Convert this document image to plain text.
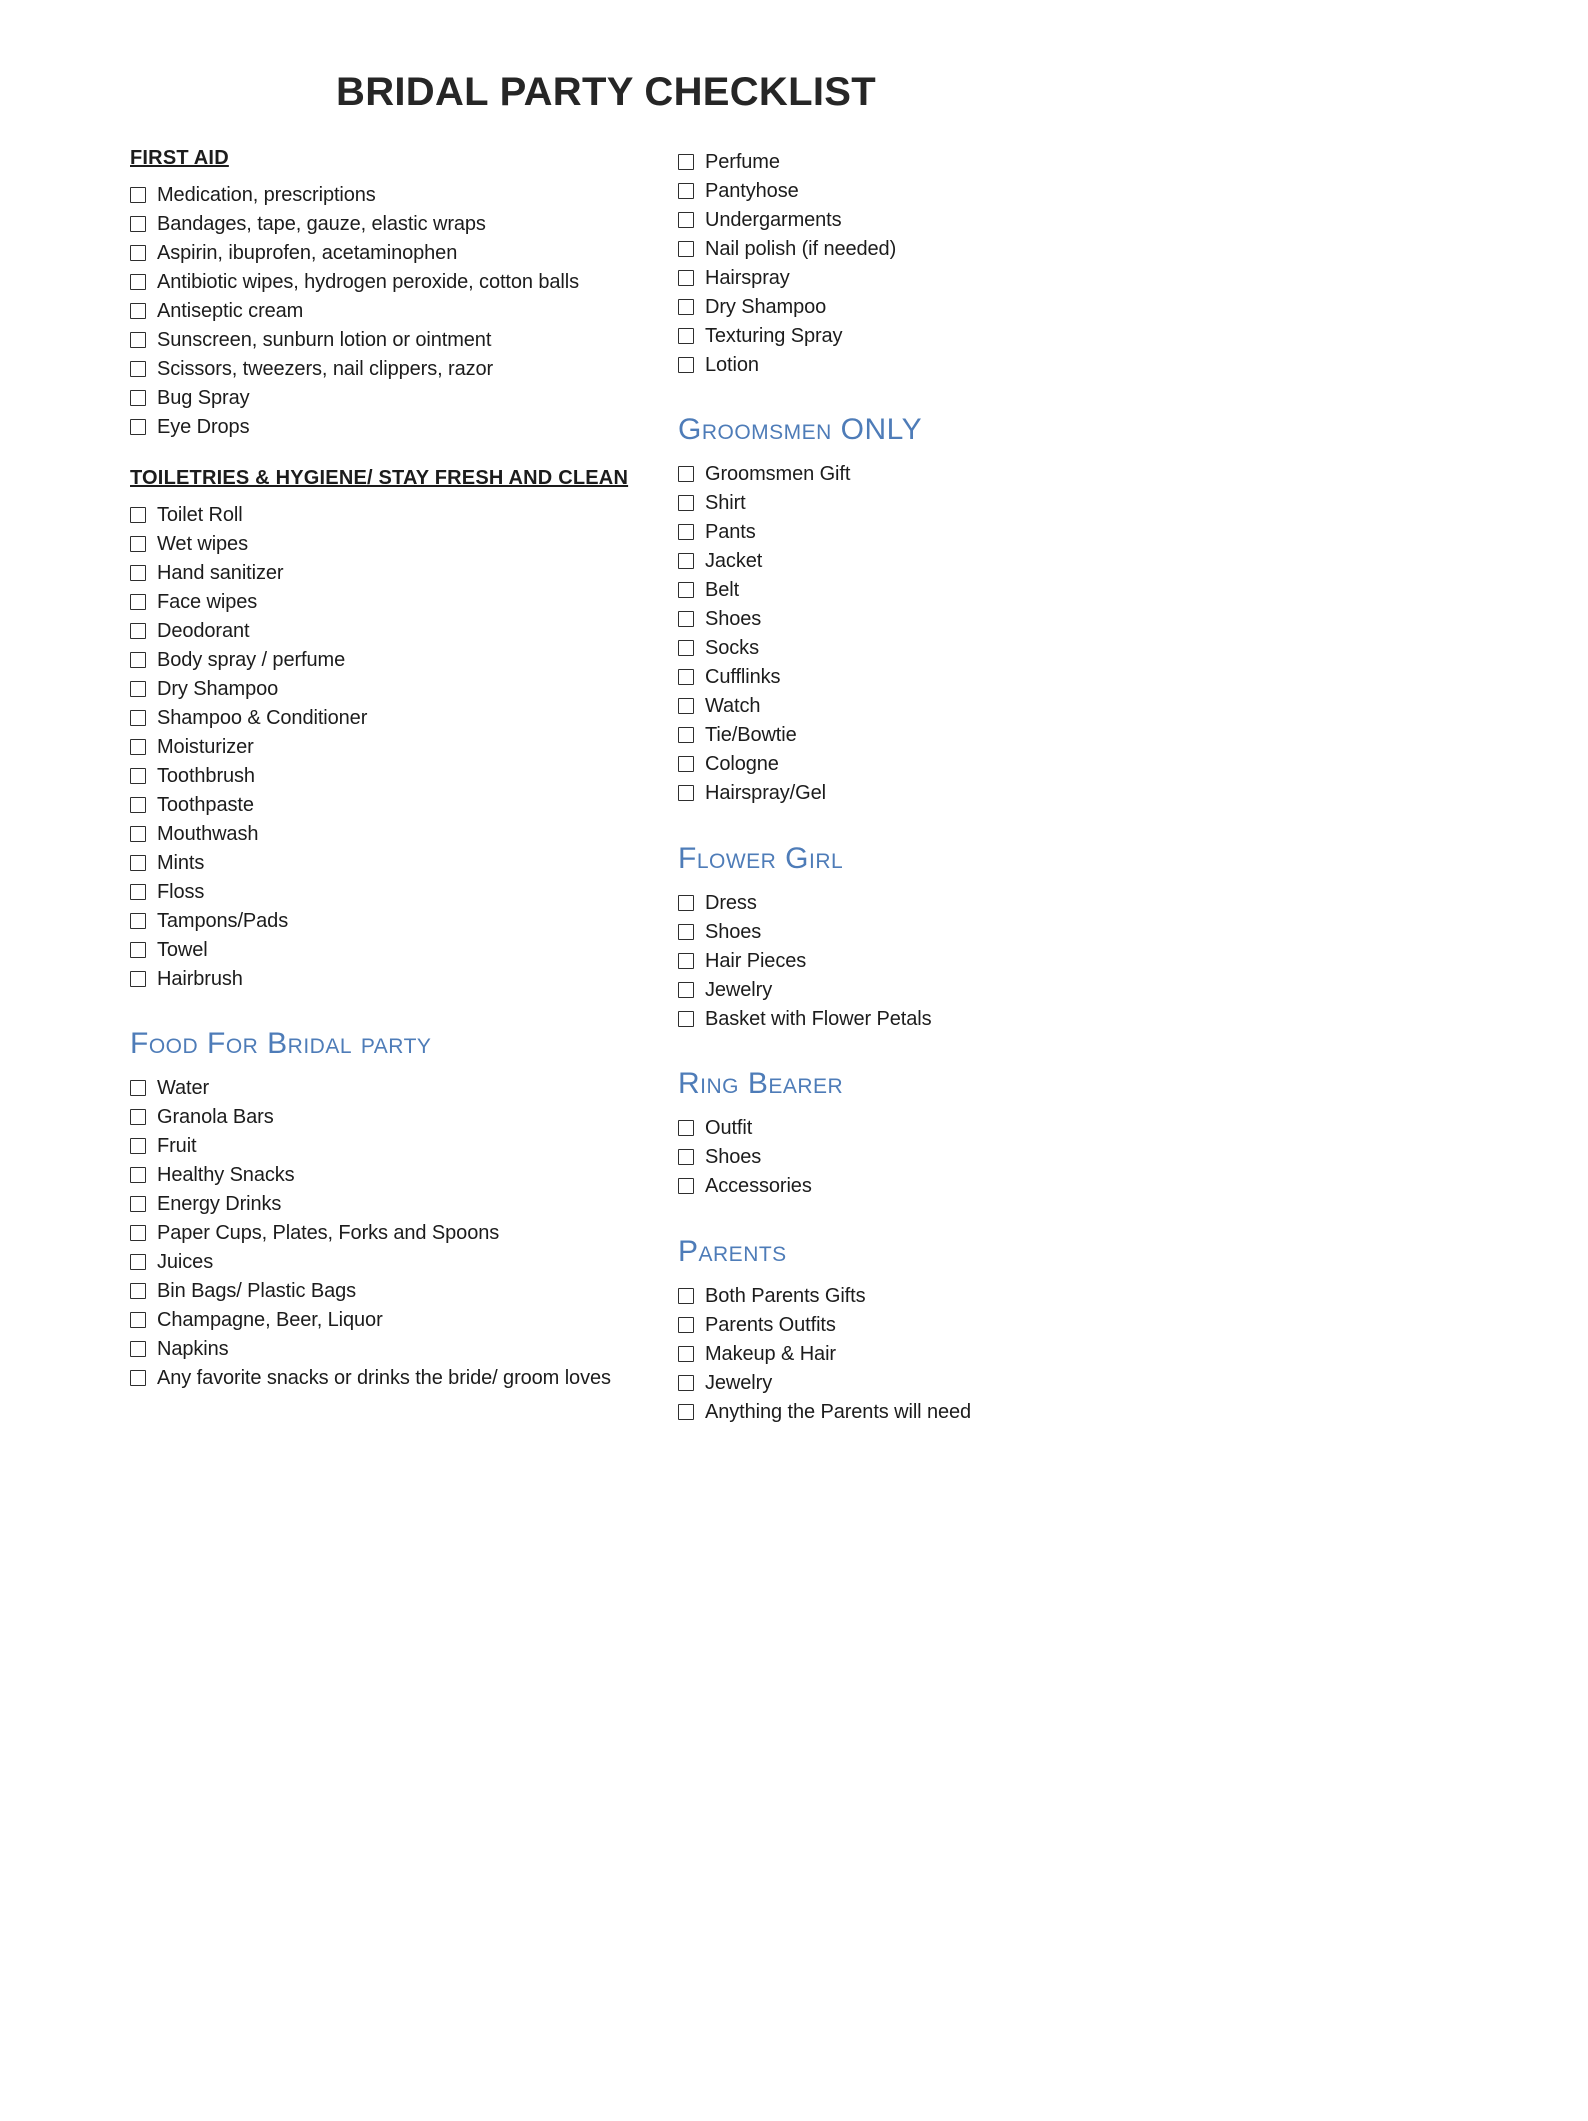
BRIDAL PARTY CHECKLIST
FIRST AID
Medication, prescriptions
Bandages, tape, gauze, elastic wraps
Aspirin, ibuprofen, acetaminophen
Antibiotic wipes, hydrogen peroxide, cotton balls
Antiseptic cream
Sunscreen, sunburn lotion or ointment
Scissors, tweezers, nail clippers, razor
Bug Spray
Eye Drops
TOILETRIES & HYGIENE/ STAY FRESH AND CLEAN
Toilet Roll
Wet wipes
Hand sanitizer
Face wipes
Deodorant
Body spray / perfume
Dry Shampoo
Shampoo & Conditioner
Moisturizer
Toothbrush
Toothpaste
Mouthwash
Mints
Floss
Tampons/Pads
Towel
Hairbrush
Food For Bridal party
Water
Granola Bars
Fruit
Healthy Snacks
Energy Drinks
Paper Cups, Plates, Forks and Spoons
Juices
Bin Bags/ Plastic Bags
Champagne, Beer, Liquor
Napkins
Any favorite snacks or drinks the bride/ groom loves
Perfume
Pantyhose
Undergarments
Nail polish (if needed)
Hairspray
Dry Shampoo
Texturing Spray
Lotion
Groomsmen ONLY
Groomsmen Gift
Shirt
Pants
Jacket
Belt
Shoes
Socks
Cufflinks
Watch
Tie/Bowtie
Cologne
Hairspray/Gel
Flower Girl
Dress
Shoes
Hair Pieces
Jewelry
Basket with Flower Petals
Ring Bearer
Outfit
Shoes
Accessories
Parents
Both Parents Gifts
Parents Outfits
Makeup & Hair
Jewelry
Anything the Parents will need
